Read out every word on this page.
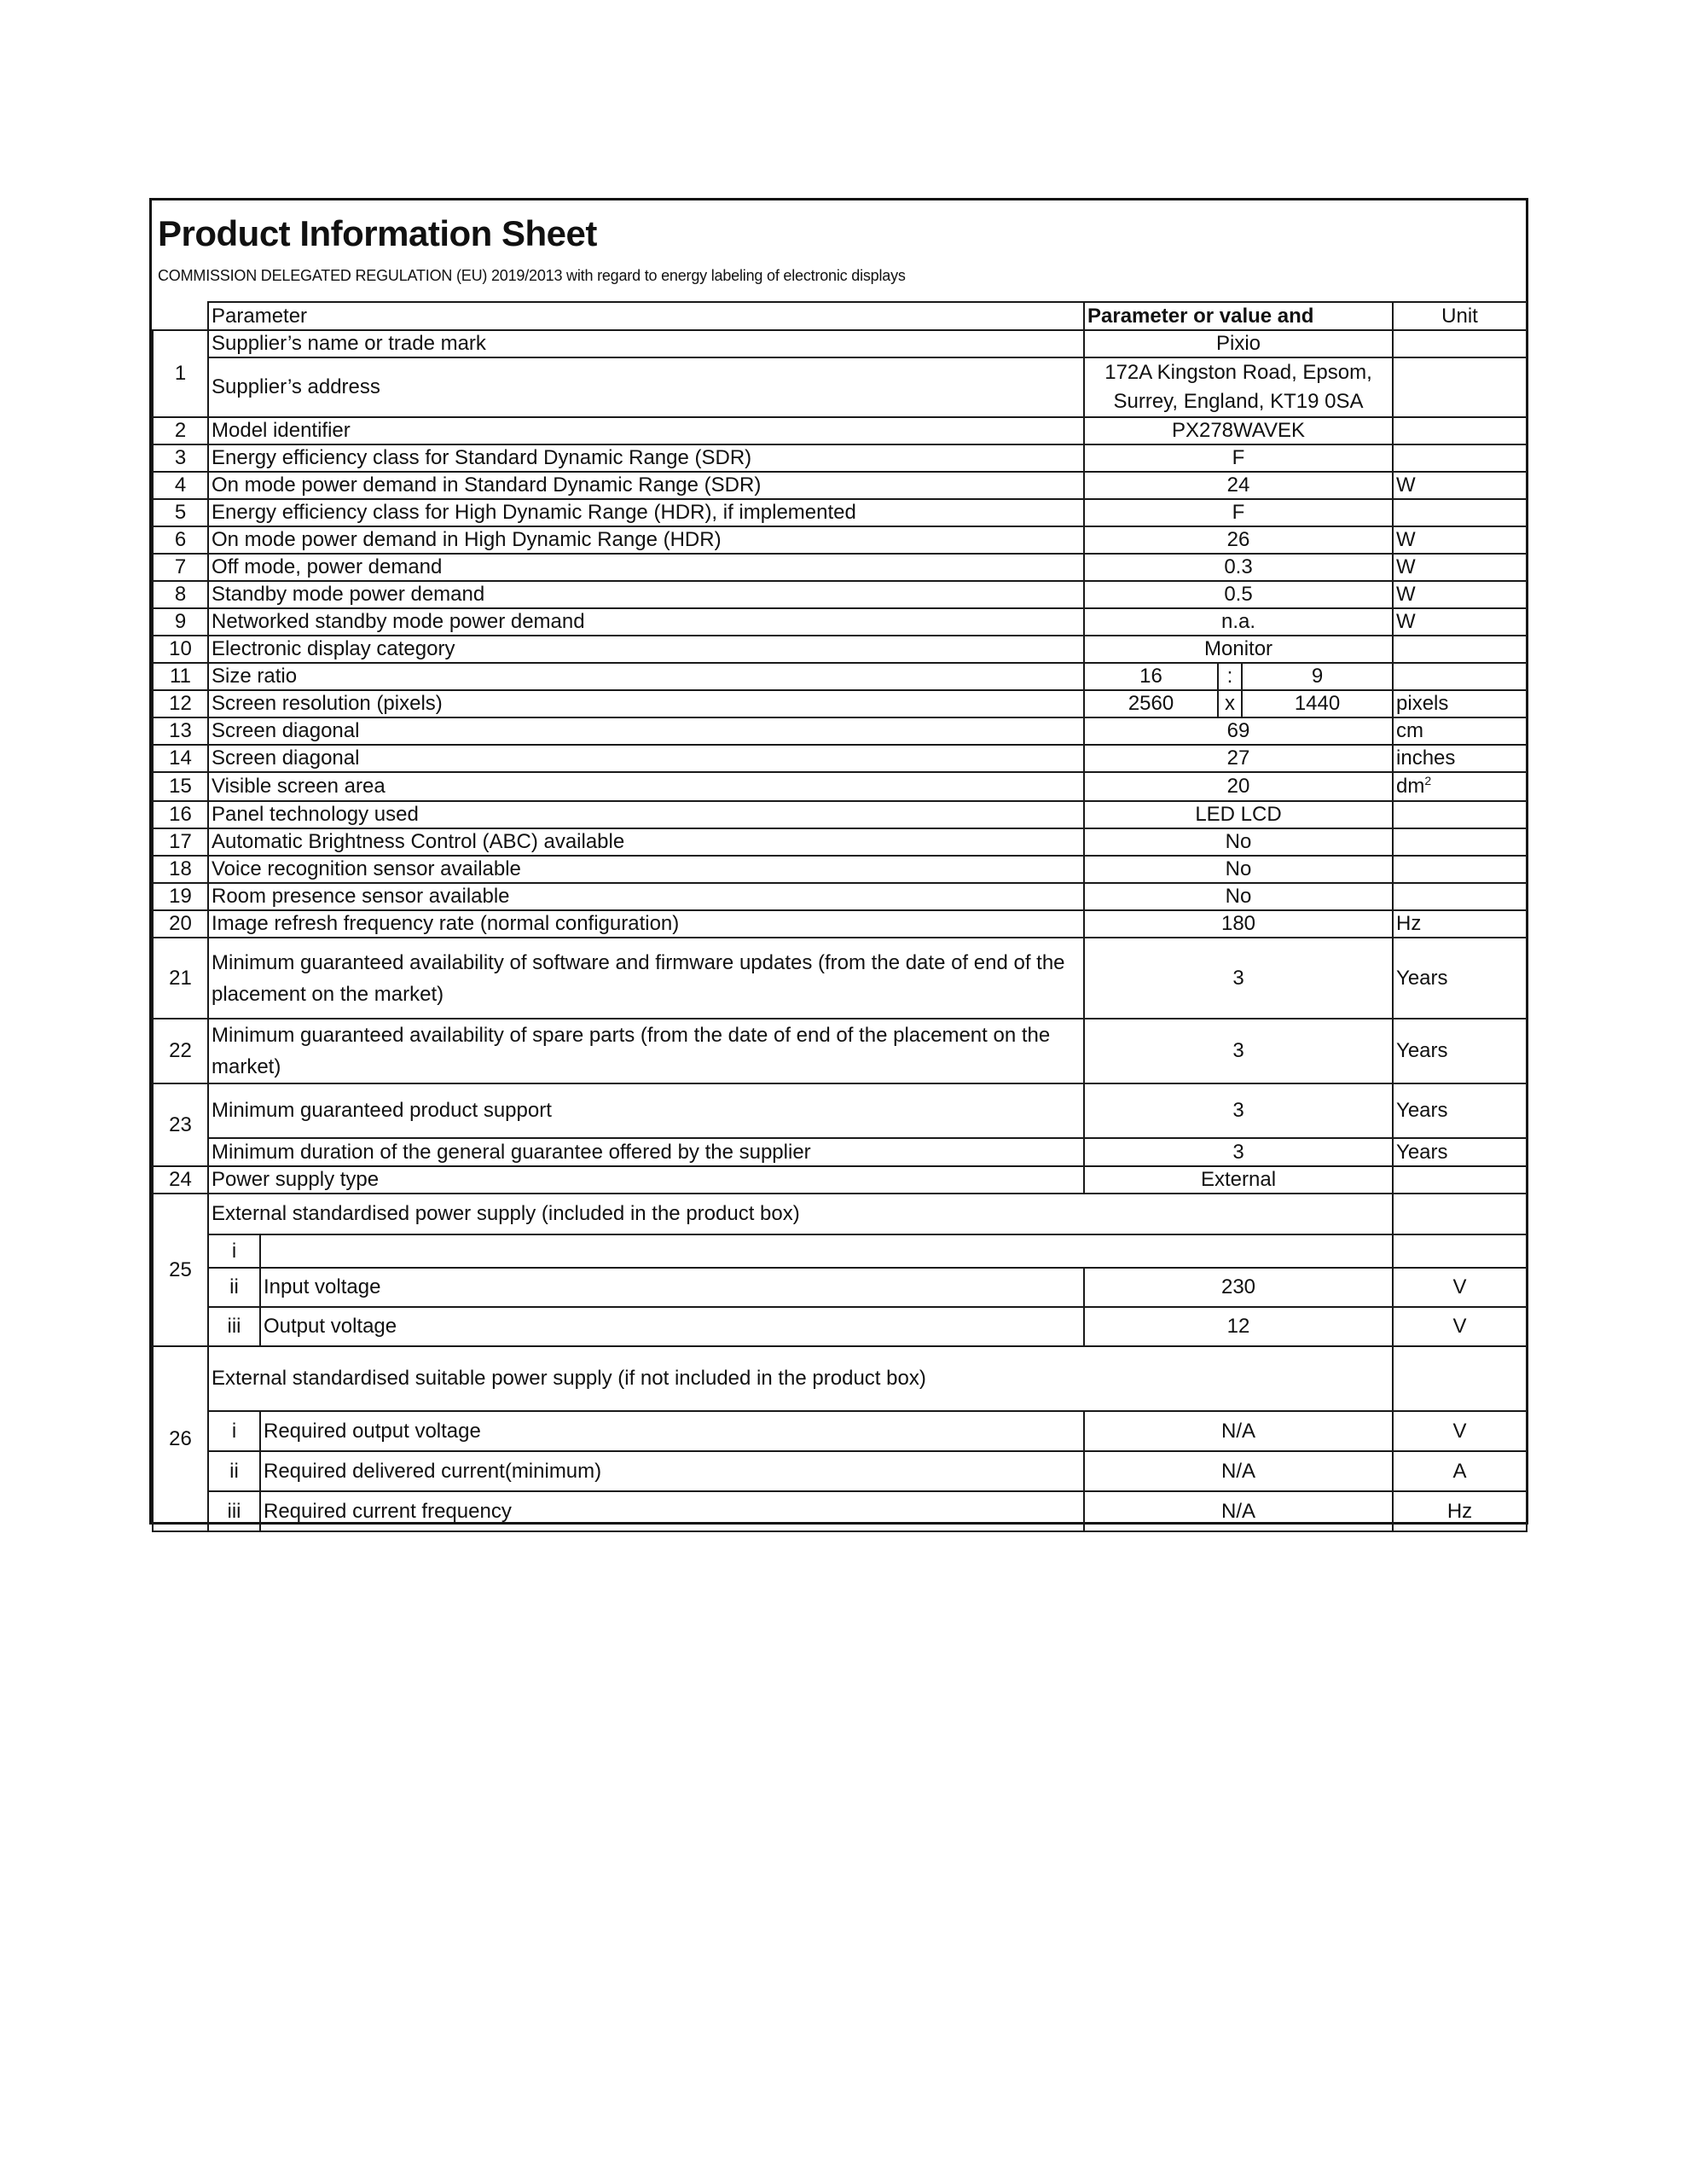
Product Information Sheet

COMMISSION DELEGATED REGULATION (EU) 2019/2013 with regard to energy labeling of electronic displays

	Parameter		Parameter or value and	Unit
1	Supplier’s name or trade mark		Pixio	
	Supplier’s address		172A Kingston Road, Epsom, Surrey, England, KT19 0SA	
2	Model identifier		PX278WAVEK	
3	Energy efficiency class for Standard Dynamic Range (SDR)		F	
4	On mode power demand in Standard Dynamic Range (SDR)		24	W
5	Energy efficiency class for High Dynamic Range (HDR), if implemented		F	
6	On mode power demand in High Dynamic Range (HDR)		26	W
7	Off mode, power demand		0.3	W
8	Standby mode power demand		0.5	W
9	Networked standby mode power demand		n.a.	W
10	Electronic display category		Monitor	
11	Size ratio		16 : 9	

12	Screen resolution (pixels)		2560 x 1440	pixels
13	Screen diagonal		69	cm
14	Screen diagonal		27	inches
15	Visible screen area		20	$dm^2$
16	Panel technology used		LED LCD	
17	Automatic Brightness Control (ABC) available		No	
18	Voice recognition sensor available		No	
19	Room presence sensor available		No	
20	Image refresh frequency rate (normal configuration)		180	Hz
21	Minimum guaranteed availability of software and firmware updates (from the date of end of the placement on the market)		3	Years
22	Minimum guaranteed availability of spare parts (from the date of end of the placement on the market)		3	Years
23	Minimum guaranteed product support		3	Years
	Minimum duration of the general guarantee offered by the supplier		3	Years
24	Power supply type		External	
25	External standardised power supply (included in the product box)			
	i			
	ii	Input voltage	230	V
	iii	Output voltage	12	V
26	External standardised suitable power supply (if not included in the product box)			
	i	Required output voltage	N/A	V
	ii	Required delivered current(minimum)	N/A	A
	iii	Required current frequency	N/A	Hz
